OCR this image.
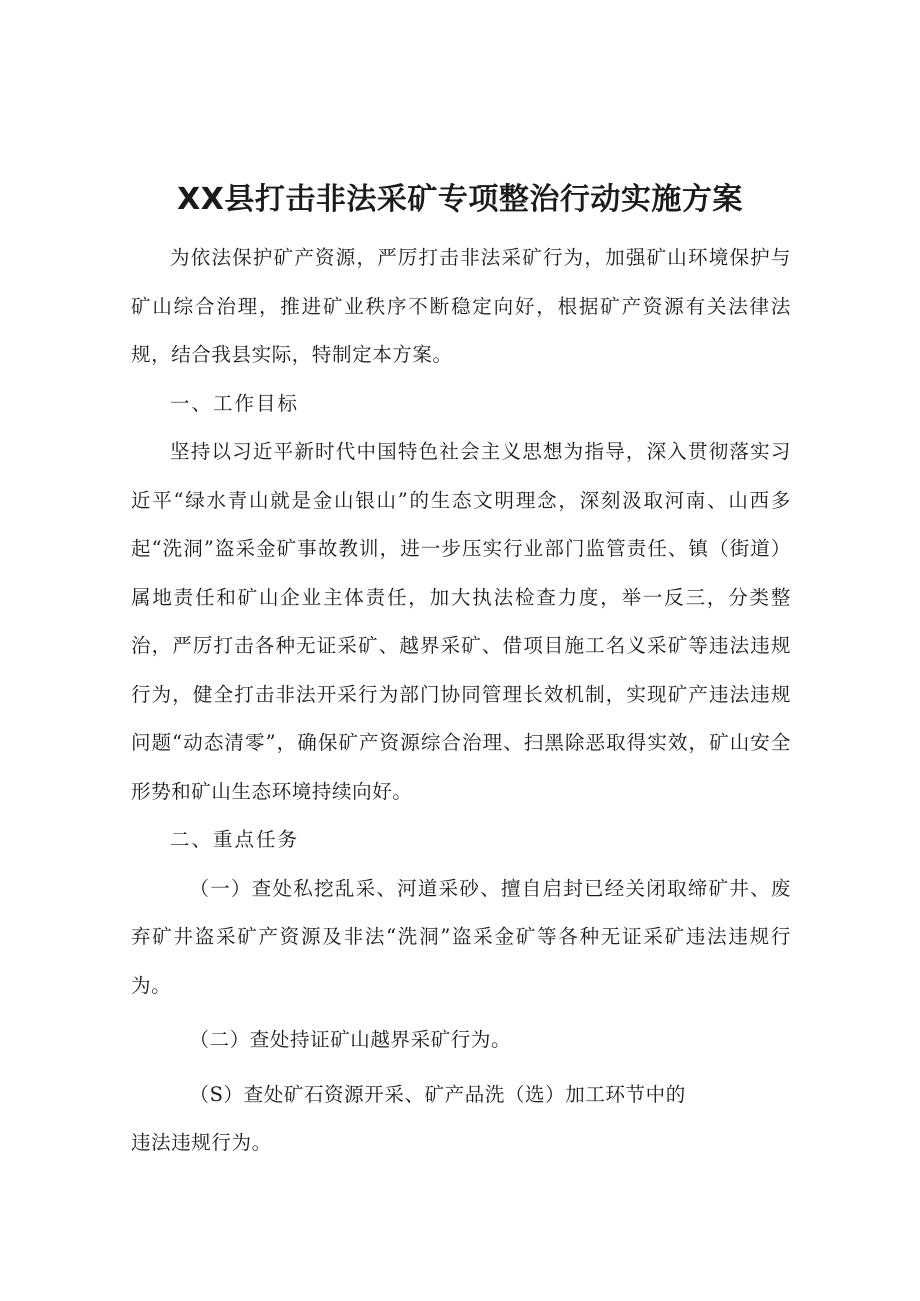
XX县打击非法采矿专项整治行动实施方案

为依法保护矿产资源，严厉打击非法采矿行为，加强矿山环境保护与矿山综合治理，推进矿业秩序不断稳定向好，根据矿产资源有关法律法规，结合我县实际，特制定本方案。

一、工作目标

坚持以习近平新时代中国特色社会主义思想为指导，深入贯彻落实习近平“绿水青山就是金山银山”的生态文明理念，深刻汲取河南、山西多起“洗洞”盗采金矿事故教训，进一步压实行业部门监管责任、镇（街道）属地责任和矿山企业主体责任，加大执法检查力度，举一反三，分类整治，严厉打击各种无证采矿、越界采矿、借项目施工名义采矿等违法违规行为，健全打击非法开采行为部门协同管理长效机制，实现矿产违法违规问题“动态清零”，确保矿产资源综合治理、扫黑除恶取得实效，矿山安全形势和矿山生态环境持续向好。

二、重点任务

（一）查处私挖乱采、河道采砂、擅自启封已经关闭取缔矿井、废弃矿井盗采矿产资源及非法“洗洞”盗采金矿等各种无证采矿违法违规行为。

（二）查处持证矿山越界采矿行为。

（S）查处矿石资源开采、矿产品洗（选）加工环节中的
违法违规行为。
